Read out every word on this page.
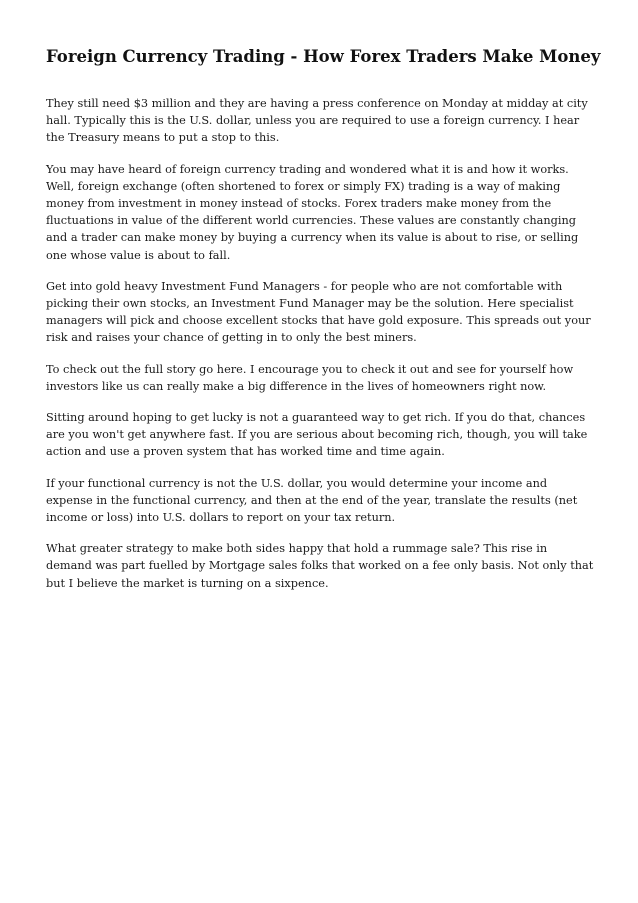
Foreign Currency Trading - How Forex Traders Make Money

They still need $3 million and they are having a press conference on Monday at midday at city hall. Typically this is the U.S. dollar, unless you are required to use a foreign currency. I hear the Treasury means to put a stop to this.

You may have heard of foreign currency trading and wondered what it is and how it works. Well, foreign exchange (often shortened to forex or simply FX) trading is a way of making money from investment in money instead of stocks. Forex traders make money from the fluctuations in value of the different world currencies. These values are constantly changing and a trader can make money by buying a currency when its value is about to rise, or selling one whose value is about to fall.

Get into gold heavy Investment Fund Managers - for people who are not comfortable with picking their own stocks, an Investment Fund Manager may be the solution. Here specialist managers will pick and choose excellent stocks that have gold exposure. This spreads out your risk and raises your chance of getting in to only the best miners.

To check out the full story go here. I encourage you to check it out and see for yourself how investors like us can really make a big difference in the lives of homeowners right now.

Sitting around hoping to get lucky is not a guaranteed way to get rich. If you do that, chances are you won't get anywhere fast. If you are serious about becoming rich, though, you will take action and use a proven system that has worked time and time again.

If your functional currency is not the U.S. dollar, you would determine your income and expense in the functional currency, and then at the end of the year, translate the results (net income or loss) into U.S. dollars to report on your tax return.

What greater strategy to make both sides happy that hold a rummage sale? This rise in demand was part fuelled by Mortgage sales folks that worked on a fee only basis. Not only that but I believe the market is turning on a sixpence.
